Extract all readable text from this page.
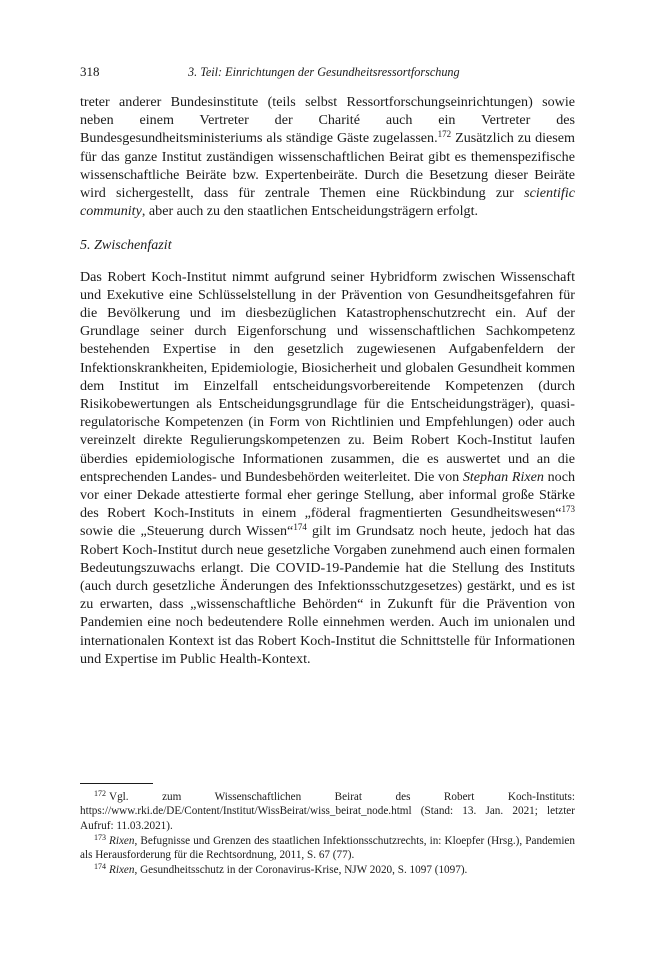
318	3. Teil: Einrichtungen der Gesundheitsressortforschung

treter anderer Bundesinstitute (teils selbst Ressortforschungseinrichtungen) sowie neben einem Vertreter der Charité auch ein Vertreter des Bundesgesundheitsministeriums als ständige Gäste zugelassen.$^{172}$ Zusätzlich zu diesem für das ganze Institut zuständigen wissenschaftlichen Beirat gibt es themenspezifische wissenschaftliche Beiräte bzw. Expertenbeiräte. Durch die Besetzung dieser Beiräte wird sichergestellt, dass für zentrale Themen eine Rückbindung zur scientific community, aber auch zu den staatlichen Entscheidungsträgern erfolgt.

5. Zwischenfazit

Das Robert Koch-Institut nimmt aufgrund seiner Hybridform zwischen Wissenschaft und Exekutive eine Schlüsselstellung in der Prävention von Gesundheitsgefahren für die Bevölkerung und im diesbezüglichen Katastrophenschutzrecht ein. Auf der Grundlage seiner durch Eigenforschung und wissenschaftlichen Sachkompetenz bestehenden Expertise in den gesetzlich zugewiesenen Aufgabenfeldern der Infektionskrankheiten, Epidemiologie, Biosicherheit und globalen Gesundheit kommen dem Institut im Einzelfall entscheidungsvorbereitende Kompetenzen (durch Risikobewertungen als Entscheidungsgrundlage für die Entscheidungsträger), quasi-regulatorische Kompetenzen (in Form von Richtlinien und Empfehlungen) oder auch vereinzelt direkte Regulierungskompetenzen zu. Beim Robert Koch-Institut laufen überdies epidemiologische Informationen zusammen, die es auswertet und an die entsprechenden Landes- und Bundesbehörden weiterleitet. Die von Stephan Rixen noch vor einer Dekade attestierte formal eher geringe Stellung, aber informal große Stärke des Robert Koch-Instituts in einem „föderal fragmentierten Gesundheitswesen“$^{173}$ sowie die „Steuerung durch Wissen“$^{174}$ gilt im Grundsatz noch heute, jedoch hat das Robert Koch-Institut durch neue gesetzliche Vorgaben zunehmend auch einen formalen Bedeutungszuwachs erlangt. Die COVID-19-Pandemie hat die Stellung des Instituts (auch durch gesetzliche Änderungen des Infektionsschutzgesetzes) gestärkt, und es ist zu erwarten, dass „wissenschaftliche Behörden“ in Zukunft für die Prävention von Pandemien eine noch bedeutendere Rolle einnehmen werden. Auch im unionalen und internationalen Kontext ist das Robert Koch-Institut die Schnittstelle für Informationen und Expertise im Public Health-Kontext.

$^{172}$ Vgl. zum Wissenschaftlichen Beirat des Robert Koch-Instituts: https://www.rki.de/DE/Content/Institut/WissBeirat/wiss_beirat_node.html (Stand: 13. Jan. 2021; letzter Aufruf: 11.03.2021).

$^{173}$ Rixen, Befugnisse und Grenzen des staatlichen Infektionsschutzrechts, in: Kloepfer (Hrsg.), Pandemien als Herausforderung für die Rechtsordnung, 2011, S. 67 (77).

$^{174}$ Rixen, Gesundheitsschutz in der Coronavirus-Krise, NJW 2020, S. 1097 (1097).
